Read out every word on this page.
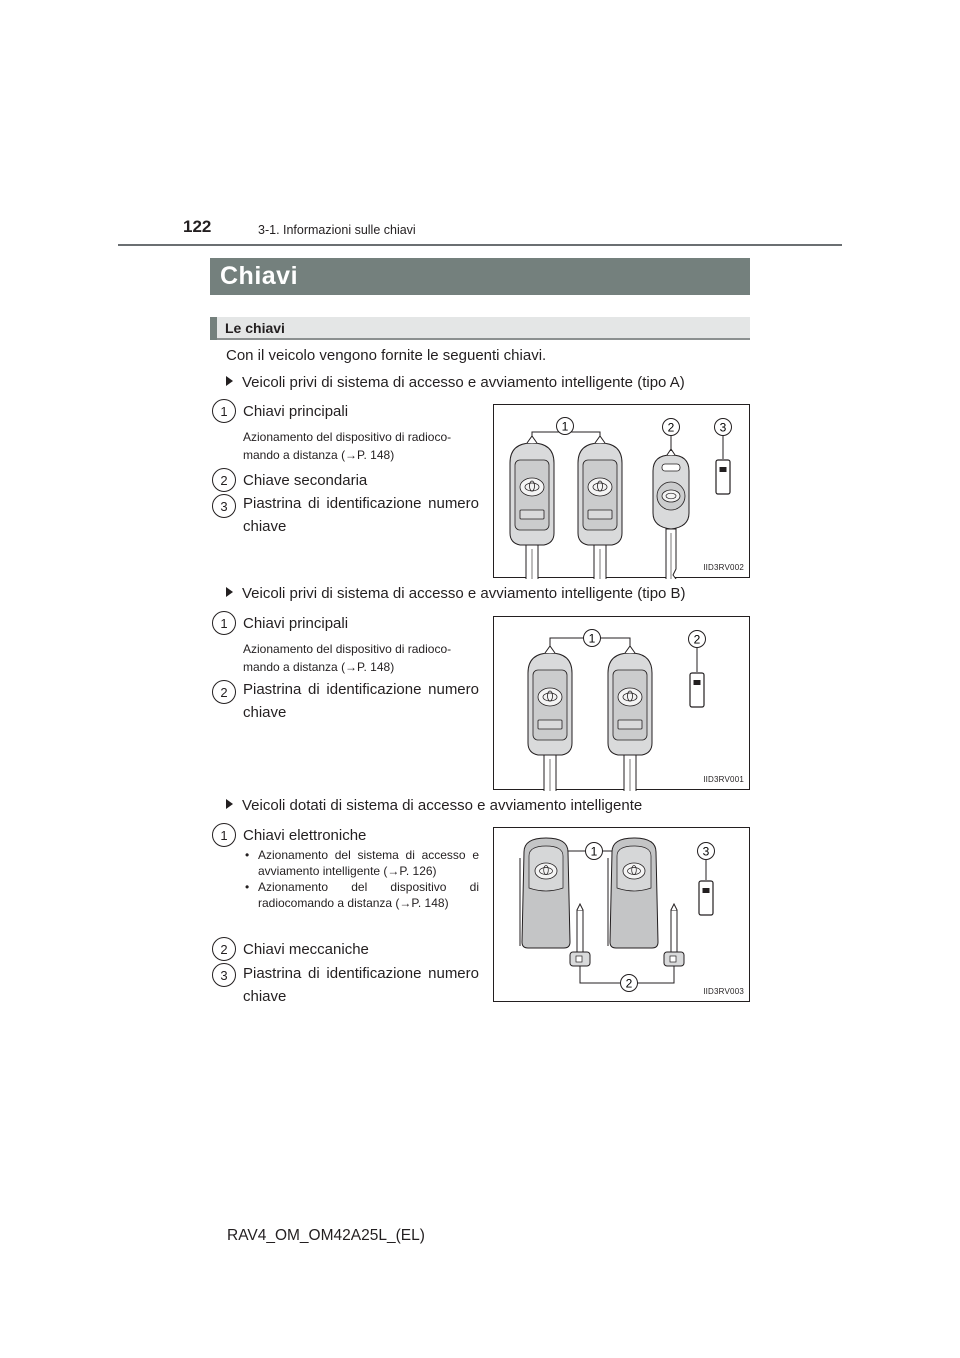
122	3-1. Informazioni sulle chiavi
Chiavi
Le chiavi
Con il veicolo vengono fornite le seguenti chiavi.
Veicoli privi di sistema di accesso e avviamento intelligente (tipo A)
1	Chiavi principali
Azionamento del dispositivo di radioco- mando a distanza (→P. 148)
2	Chiave secondaria
3	Piastrina di identificazione numero chiave
1	2	3
IID3RV002
Veicoli privi di sistema di accesso e avviamento intelligente (tipo B)
1	Chiavi principali
Azionamento del dispositivo di radioco- mando a distanza (→P. 148)
2	Piastrina di identificazione numero chiave
1	2
IID3RV001
Veicoli dotati di sistema di accesso e avviamento intelligente
1	Chiavi elettroniche
• Azionamento del sistema di accesso e avviamento intelligente (→P. 126)
• Azionamento del dispositivo di radiocomando a distanza (→P. 148)
2	Chiavi meccaniche
3	Piastrina di identificazione numero chiave
1	3
2
IID3RV003
RAV4_OM_OM42A25L_(EL)
